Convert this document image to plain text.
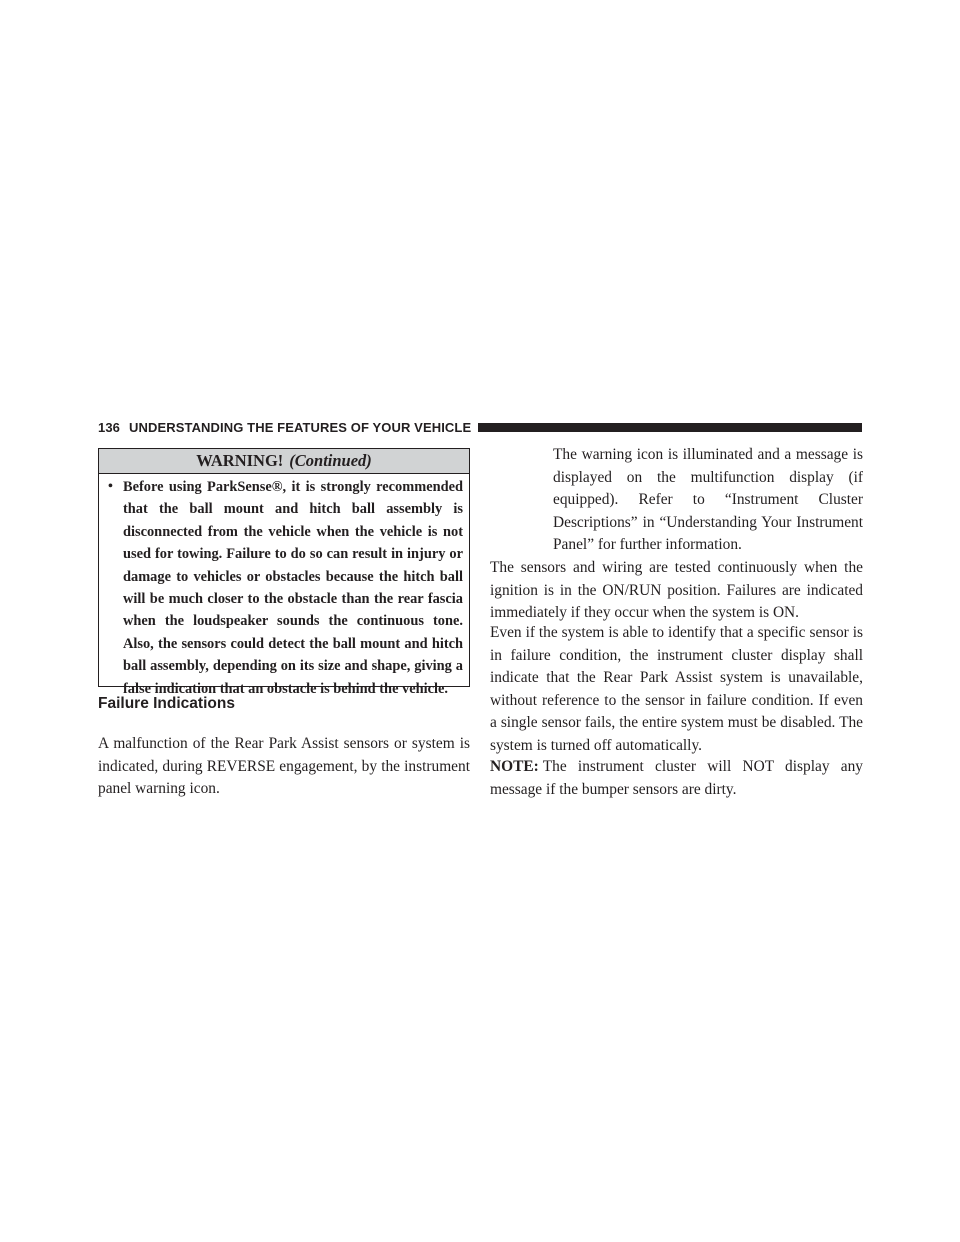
136 UNDERSTANDING THE FEATURES OF YOUR VEHICLE
WARNING! (Continued)
• Before using ParkSense®, it is strongly recommended that the ball mount and hitch ball assembly is disconnected from the vehicle when the vehicle is not used for towing. Failure to do so can result in injury or damage to vehicles or obstacles because the hitch ball will be much closer to the obstacle than the rear fascia when the loudspeaker sounds the continuous tone. Also, the sensors could detect the ball mount and hitch ball assembly, depending on its size and shape, giving a false indication that an obstacle is behind the vehicle.
Failure Indications

A malfunction of the Rear Park Assist sensors or system is indicated, during REVERSE engagement, by the instrument panel warning icon.

The warning icon is illuminated and a message is displayed on the multifunction display (if equipped). Refer to “Instrument Cluster Descriptions” in “Understanding Your Instrument Panel” for further information.

The sensors and wiring are tested continuously when the ignition is in the ON/RUN position. Failures are indicated immediately if they occur when the system is ON.

Even if the system is able to identify that a specific sensor is in failure condition, the instrument cluster display shall indicate that the Rear Park Assist system is unavailable, without reference to the sensor in failure condition. If even a single sensor fails, the entire system must be disabled. The system is turned off automatically.

NOTE: The instrument cluster will NOT display any message if the bumper sensors are dirty.
